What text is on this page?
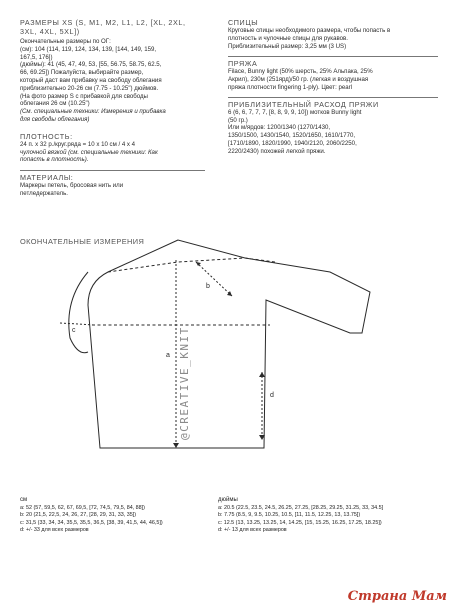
РАЗМЕРЫ XS (S, M1, M2, L1, L2, [XL, 2XL,

3XL, 4XL, 5XL])

Окончательные размеры по ОГ:

(см): 104 (114, 119, 124, 134, 139, [144, 149, 159,

167,5, 176])

(дюймы): 41 (45, 47, 49, 53, [55, 56.75, 58.75, 62.5,

66, 69.25]) Пожалуйста, выбирайте размер,

который даст вам прибавку на свободу облегания

приблизительно 20-26 см (7.75 - 10.25") дюймов.

(На фото размер S с прибавкой для свободы

облегания 26 см (10.25")

(См. специальные техники: Измерения и прибавка

для свободы облегания)

ПЛОТНОСТЬ:

24 п. x 32 р./круг.ряда = 10 x 10 см / 4 x 4

чулочной вязкой (см. специальные техники: Как

попасть в плотность).

МАТЕРИАЛЫ:

Маркеры петель, бросовая нить или

петледержатель.

СПИЦЫ

Круговые спицы необходимого размера, чтобы попасть в

плотность и чулочные спицы для рукавов.

Приблизительный размер: 3,25 мм (3 US)

ПРЯЖА

Filace, Bunny light (50% шерсть, 25% Альпака, 25%

Акрил), 230м (251ярд)/50 гр. (легкая и воздушная

пряжа плотности fingering 1-ply). Цвет: pearl

ПРИБЛИЗИТЕЛЬНЫЙ РАСХОД ПРЯЖИ

6 (6, 6, 7, 7, 7, [8, 8, 9, 9, 10]) мотков Bunny light

(50 гр.)

Или м/ярдов: 1200/1340 (1270/1430,

1350/1500, 1430/1540, 1520/1650, 1610/1770,

[1710/1890, 1820/1990, 1940/2120, 2060/2250,

2220/2430) похожей легкой пряжи.

ОКОНЧАТЕЛЬНЫЕ ИЗМЕРЕНИЯ
b
c
a
d
@CREATIVE_KNIT
см
a: 52 (57, 59,5, 62, 67, 69,5, [72, 74,5, 79,5, 84, 88])
b: 20 (21,5, 22,5, 24, 26, 27, [28, 29, 31, 33, 35])
c: 31,5 (33, 34, 34, 35,5, 35,5, 36,5, [38, 39, 41,5, 44, 46,5])
d: +/- 33 для всех размеров
дюймы
a: 20.5 (22.5, 23.5, 24.5, 26.25, 27.25, [28.25, 29.25, 31.25, 33, 34.5]
b: 7.75 (8.5, 9, 9.5, 10.25, 10.5, [11, 11.5, 12.25, 13, 13.75])
c: 12.5 (13, 13.25, 13.25, 14, 14.25, [15, 15.25, 16.25, 17.25, 18.25])
d: +/- 13 для всех размеров
Страна Мам
